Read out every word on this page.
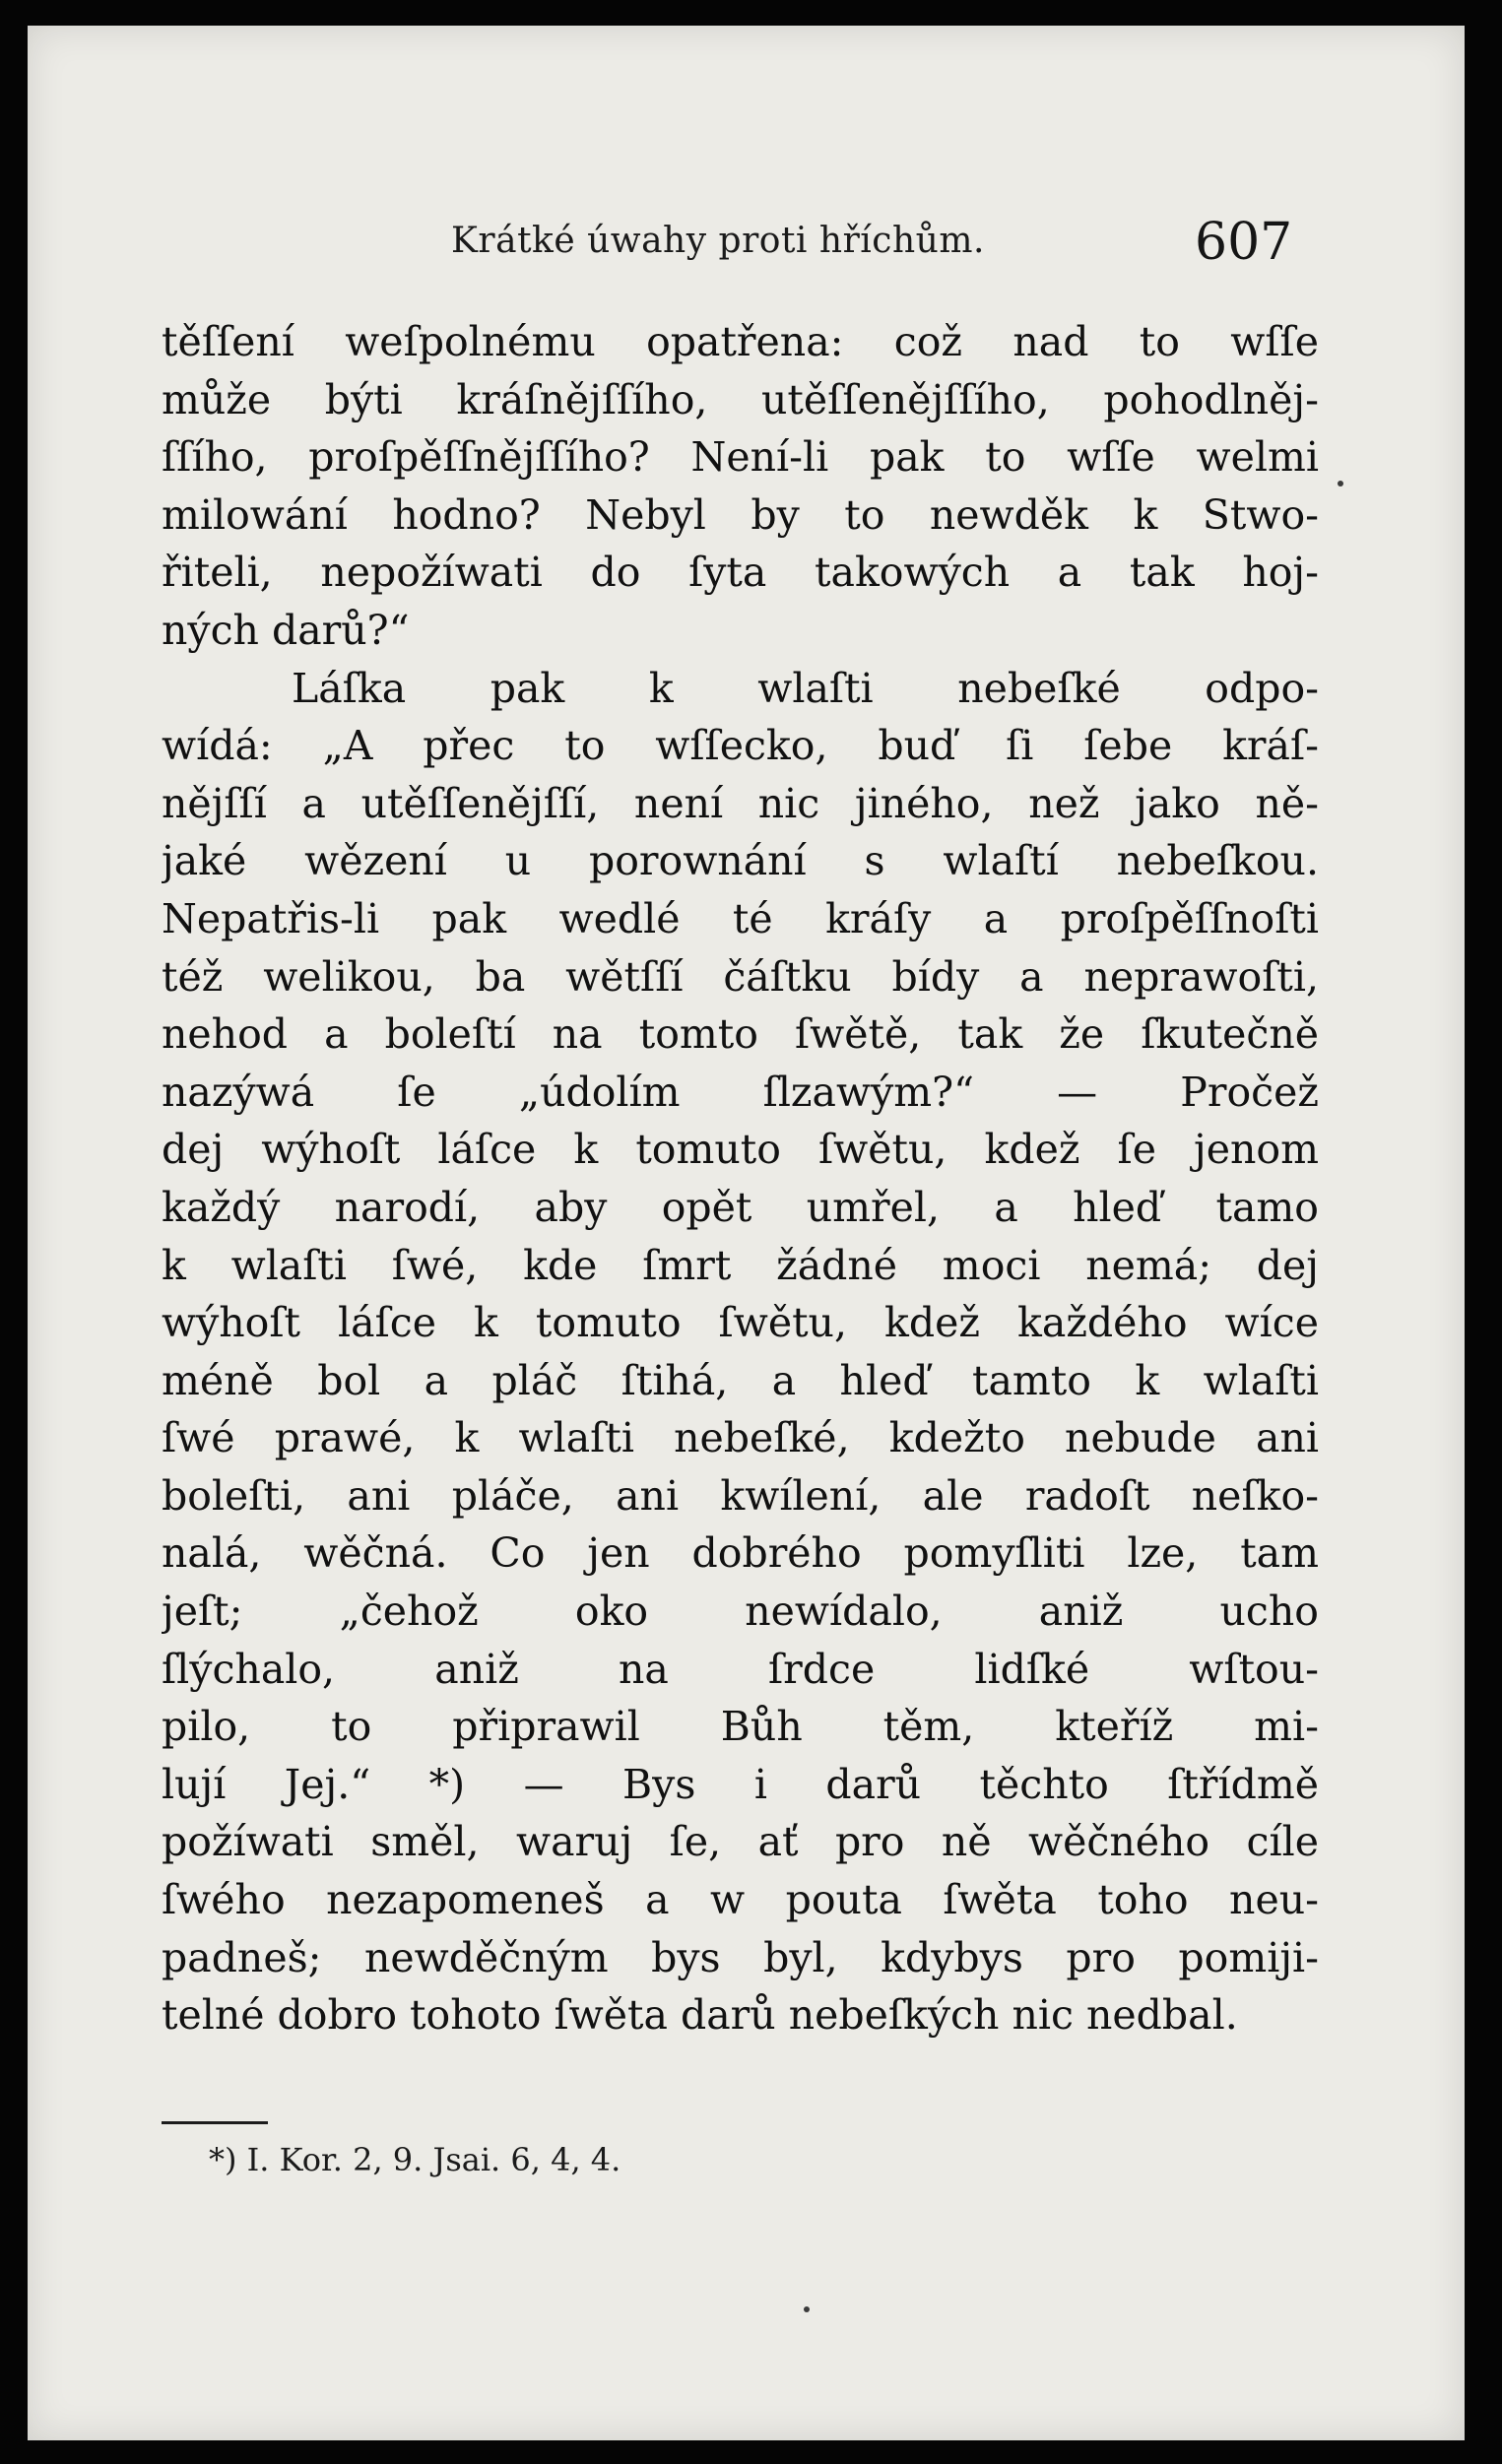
Krátké úwahy proti hříchům.	607
těſſení weſpolnému opatřena: což nad to wſſe
může býti kráſnějſſího, utěſſenějſſího, pohodlněj-
ſſího, proſpěſſnějſſího? Není-li pak to wſſe welmi
milowání hodno? Nebyl by to newděk k Stwo-
řiteli, nepožíwati do ſyta takowých a tak hoj-
ných darů?“
Láſka pak k wlaſti nebeſké odpo-
wídá: „A přec to wſſecko, buď ſi ſebe kráſ-
nějſſí a utěſſenějſſí, není nic jiného, než jako ně-
jaké wězení u porownání s wlaſtí nebeſkou.
Nepatřis-li pak wedlé té kráſy a proſpěſſnoſti
též welikou, ba wětſſí čáſtku bídy a neprawoſti,
nehod a boleſtí na tomto ſwětě, tak že ſkutečně
nazýwá ſe „údolím ſlzawým?“ — Pročež
dej wýhoſt láſce k tomuto ſwětu, kdež ſe jenom
každý narodí, aby opět umřel, a hleď tamo
k wlaſti ſwé, kde ſmrt žádné moci nemá; dej
wýhoſt láſce k tomuto ſwětu, kdež každého wíce
méně bol a pláč ſtihá, a hleď tamto k wlaſti
ſwé prawé, k wlaſti nebeſké, kdežto nebude ani
boleſti, ani pláče, ani kwílení, ale radoſt neſko-
nalá, wěčná. Co jen dobrého pomyſliti lze, tam
jeſt; „čehož oko newídalo, aniž ucho
ſlýchalo, aniž na ſrdce lidſké wſtou-
pilo, to připrawil Bůh těm, kteříž mi-
lují Jej.“ *) — Bys i darů těchto ſtřídmě
požíwati směl, waruj ſe, ať pro ně wěčného cíle
ſwého nezapomeneš a w pouta ſwěta toho neu-
padneš; newděčným bys byl, kdybys pro pomiji-
telné dobro tohoto ſwěta darů nebeſkých nic nedbal.
*) I. Kor. 2, 9. Jsai. 6, 4, 4.
